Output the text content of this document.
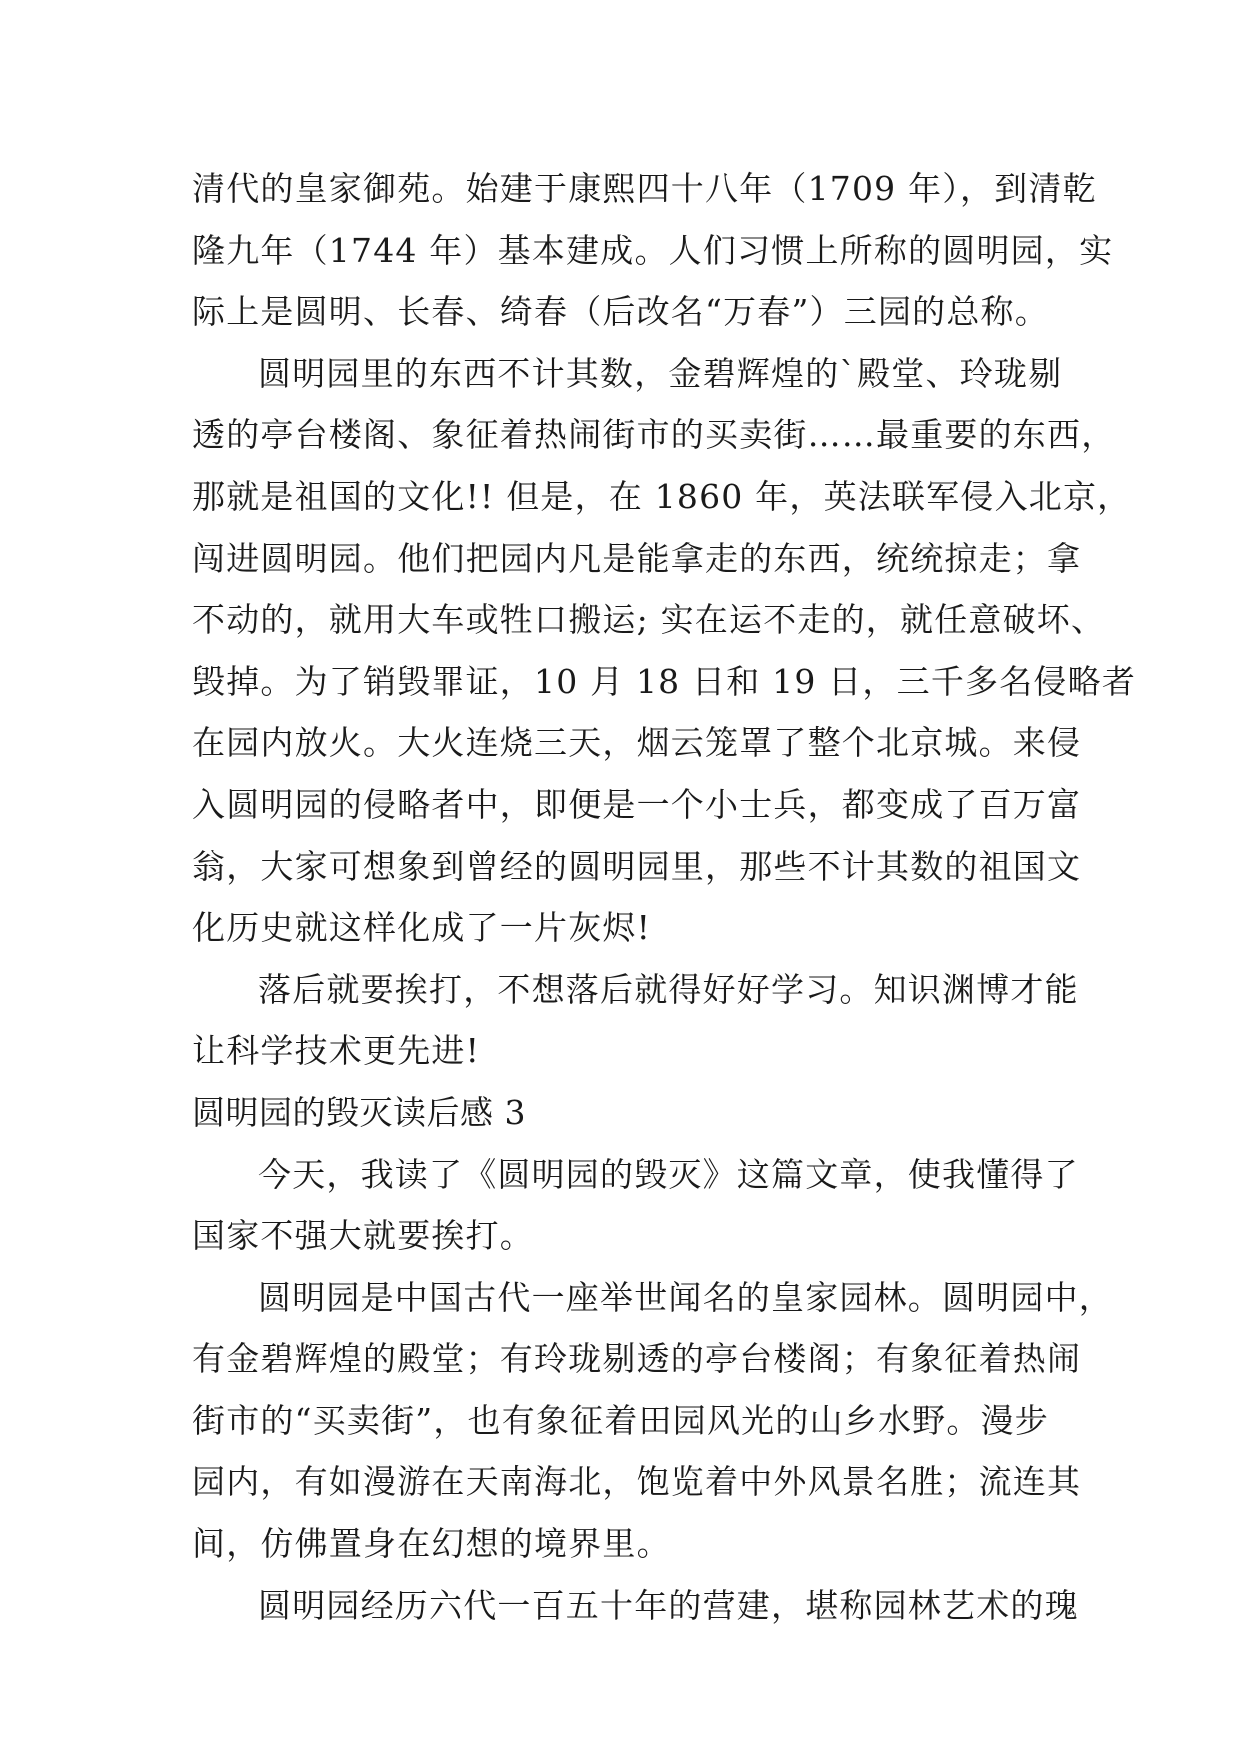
清代的皇家御苑。始建于康熙四十八年（1709 年），到清乾
隆九年（1744 年）基本建成。人们习惯上所称的圆明园，实
际上是圆明、长春、绮春（后改名“万春”）三园的总称。
圆明园里的东西不计其数，金碧辉煌的`殿堂、玲珑剔
透的亭台楼阁、象征着热闹街市的买卖街……最重要的东西，
那就是祖国的文化!! 但是，在 1860 年，英法联军侵入北京，
闯进圆明园。他们把园内凡是能拿走的东西，统统掠走；拿
不动的，就用大车或牲口搬运; 实在运不走的，就任意破坏、
毁掉。为了销毁罪证，10 月 18 日和 19 日，三千多名侵略者
在园内放火。大火连烧三天，烟云笼罩了整个北京城。来侵
入圆明园的侵略者中，即便是一个小士兵，都变成了百万富
翁，大家可想象到曾经的圆明园里，那些不计其数的祖国文
化历史就这样化成了一片灰烬!
落后就要挨打，不想落后就得好好学习。知识渊博才能
让科学技术更先进!
圆明园的毁灭读后感 3
今天，我读了《圆明园的毁灭》这篇文章，使我懂得了
国家不强大就要挨打。
圆明园是中国古代一座举世闻名的皇家园林。圆明园中，
有金碧辉煌的殿堂；有玲珑剔透的亭台楼阁；有象征着热闹
街市的“买卖街”，也有象征着田园风光的山乡水野。漫步
园内，有如漫游在天南海北，饱览着中外风景名胜；流连其
间，仿佛置身在幻想的境界里。
圆明园经历六代一百五十年的营建，堪称园林艺术的瑰
